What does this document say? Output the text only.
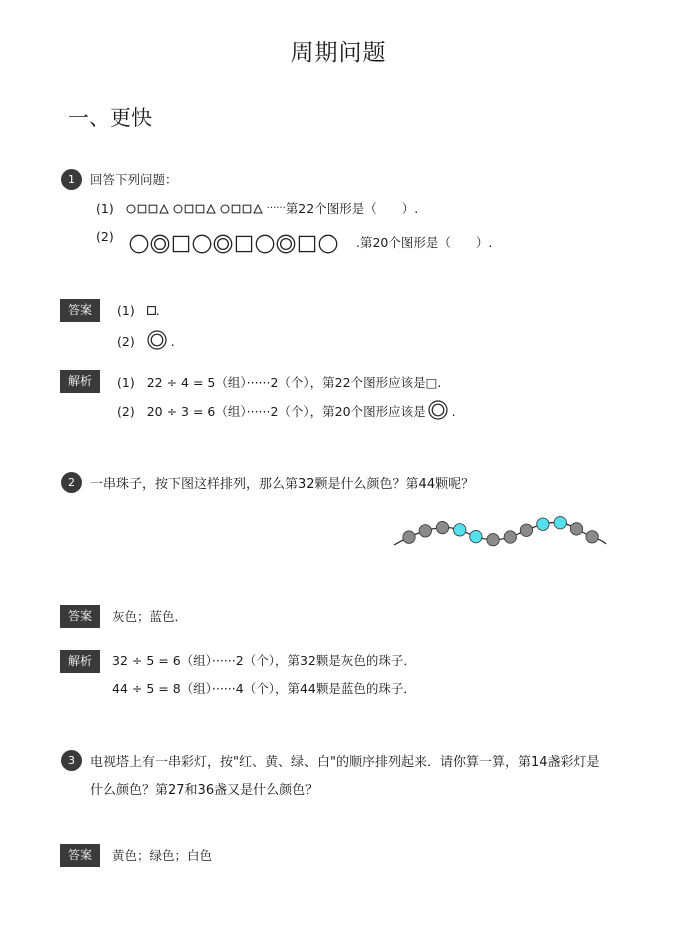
周期问题
一、更快
1	回答下列问题：
(1)	······ 第22个图形是（　　）.
(2)	.第20个图形是（　　）.
答案	(1) .
(2)	.
解析	(1) 22 ÷ 4 = 5（组）······2（个），第22个图形应该是□.
(2) 20 ÷ 3 = 6（组）······2（个），第20个图形应该是 .
2	一串珠子，按下图这样排列，那么第32颗是什么颜色？第44颗呢？
答案	灰色；蓝色．
解析	32 ÷ 5 = 6（组）······2（个），第32颗是灰色的珠子．
44 ÷ 5 = 8（组）······4（个），第44颗是蓝色的珠子．
3	电视塔上有一串彩灯，按"红、黄、绿、白"的顺序排列起来．请你算一算，第14盏彩灯是
什么颜色？第27和36盏又是什么颜色？
答案	黄色；绿色；白色
